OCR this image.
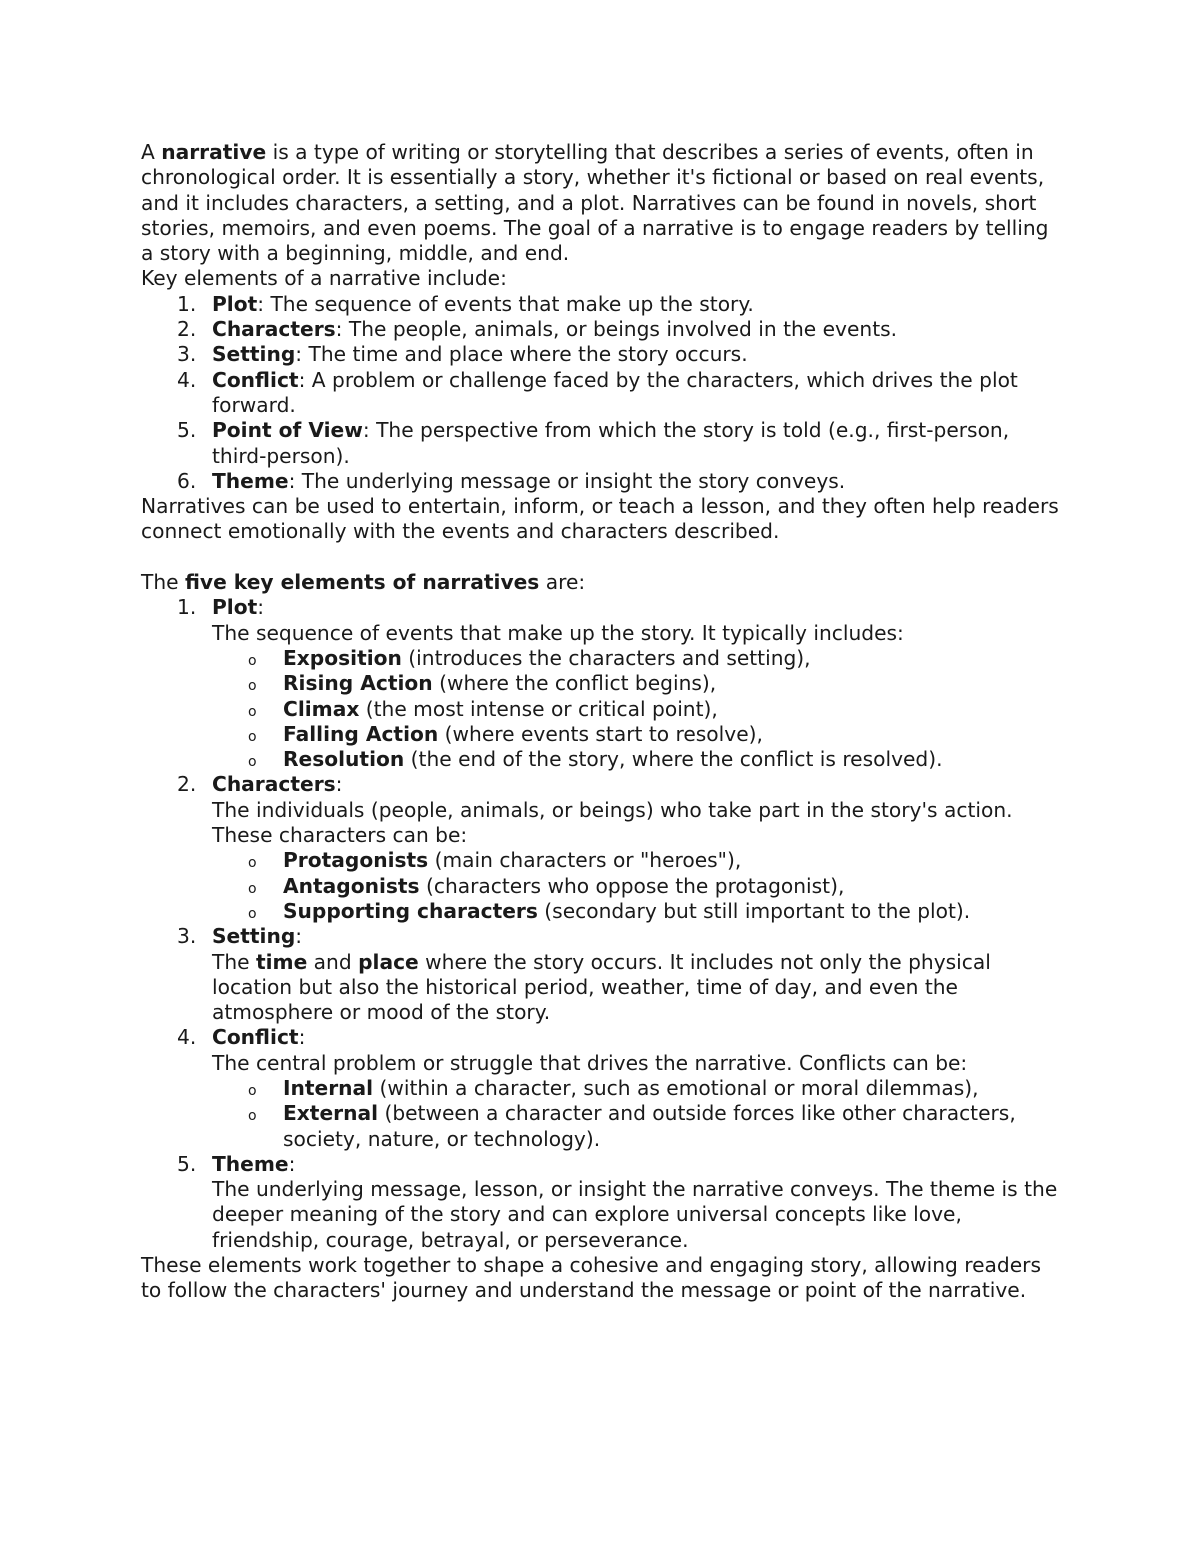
A narrative is a type of writing or storytelling that describes a series of events, often in chronological order. It is essentially a story, whether it's fictional or based on real events, and it includes characters, a setting, and a plot. Narratives can be found in novels, short stories, memoirs, and even poems. The goal of a narrative is to engage readers by telling a story with a beginning, middle, and end.

Key elements of a narrative include:

1. Plot: The sequence of events that make up the story.
2. Characters: The people, animals, or beings involved in the events.
3. Setting: The time and place where the story occurs.
4. Conflict: A problem or challenge faced by the characters, which drives the plot forward.
5. Point of View: The perspective from which the story is told (e.g., first-person, third-person).
6. Theme: The underlying message or insight the story conveys.

Narratives can be used to entertain, inform, or teach a lesson, and they often help readers connect emotionally with the events and characters described.

The five key elements of narratives are:

1. Plot:

The sequence of events that make up the story. It typically includes:

o Exposition (introduces the characters and setting),
o Rising Action (where the conflict begins),
o Climax (the most intense or critical point),
o Falling Action (where events start to resolve),
o Resolution (the end of the story, where the conflict is resolved).
2. Characters:

The individuals (people, animals, or beings) who take part in the story's action. These characters can be:

o Protagonists (main characters or "heroes"),
o Antagonists (characters who oppose the protagonist),
o Supporting characters (secondary but still important to the plot).
3. Setting:

The time and place where the story occurs. It includes not only the physical location but also the historical period, weather, time of day, and even the atmosphere or mood of the story.

4. Conflict:

The central problem or struggle that drives the narrative. Conflicts can be:

o Internal (within a character, such as emotional or moral dilemmas),
o External (between a character and outside forces like other characters, society, nature, or technology).
5. Theme:

The underlying message, lesson, or insight the narrative conveys. The theme is the deeper meaning of the story and can explore universal concepts like love, friendship, courage, betrayal, or perseverance.

These elements work together to shape a cohesive and engaging story, allowing readers to follow the characters' journey and understand the message or point of the narrative.
